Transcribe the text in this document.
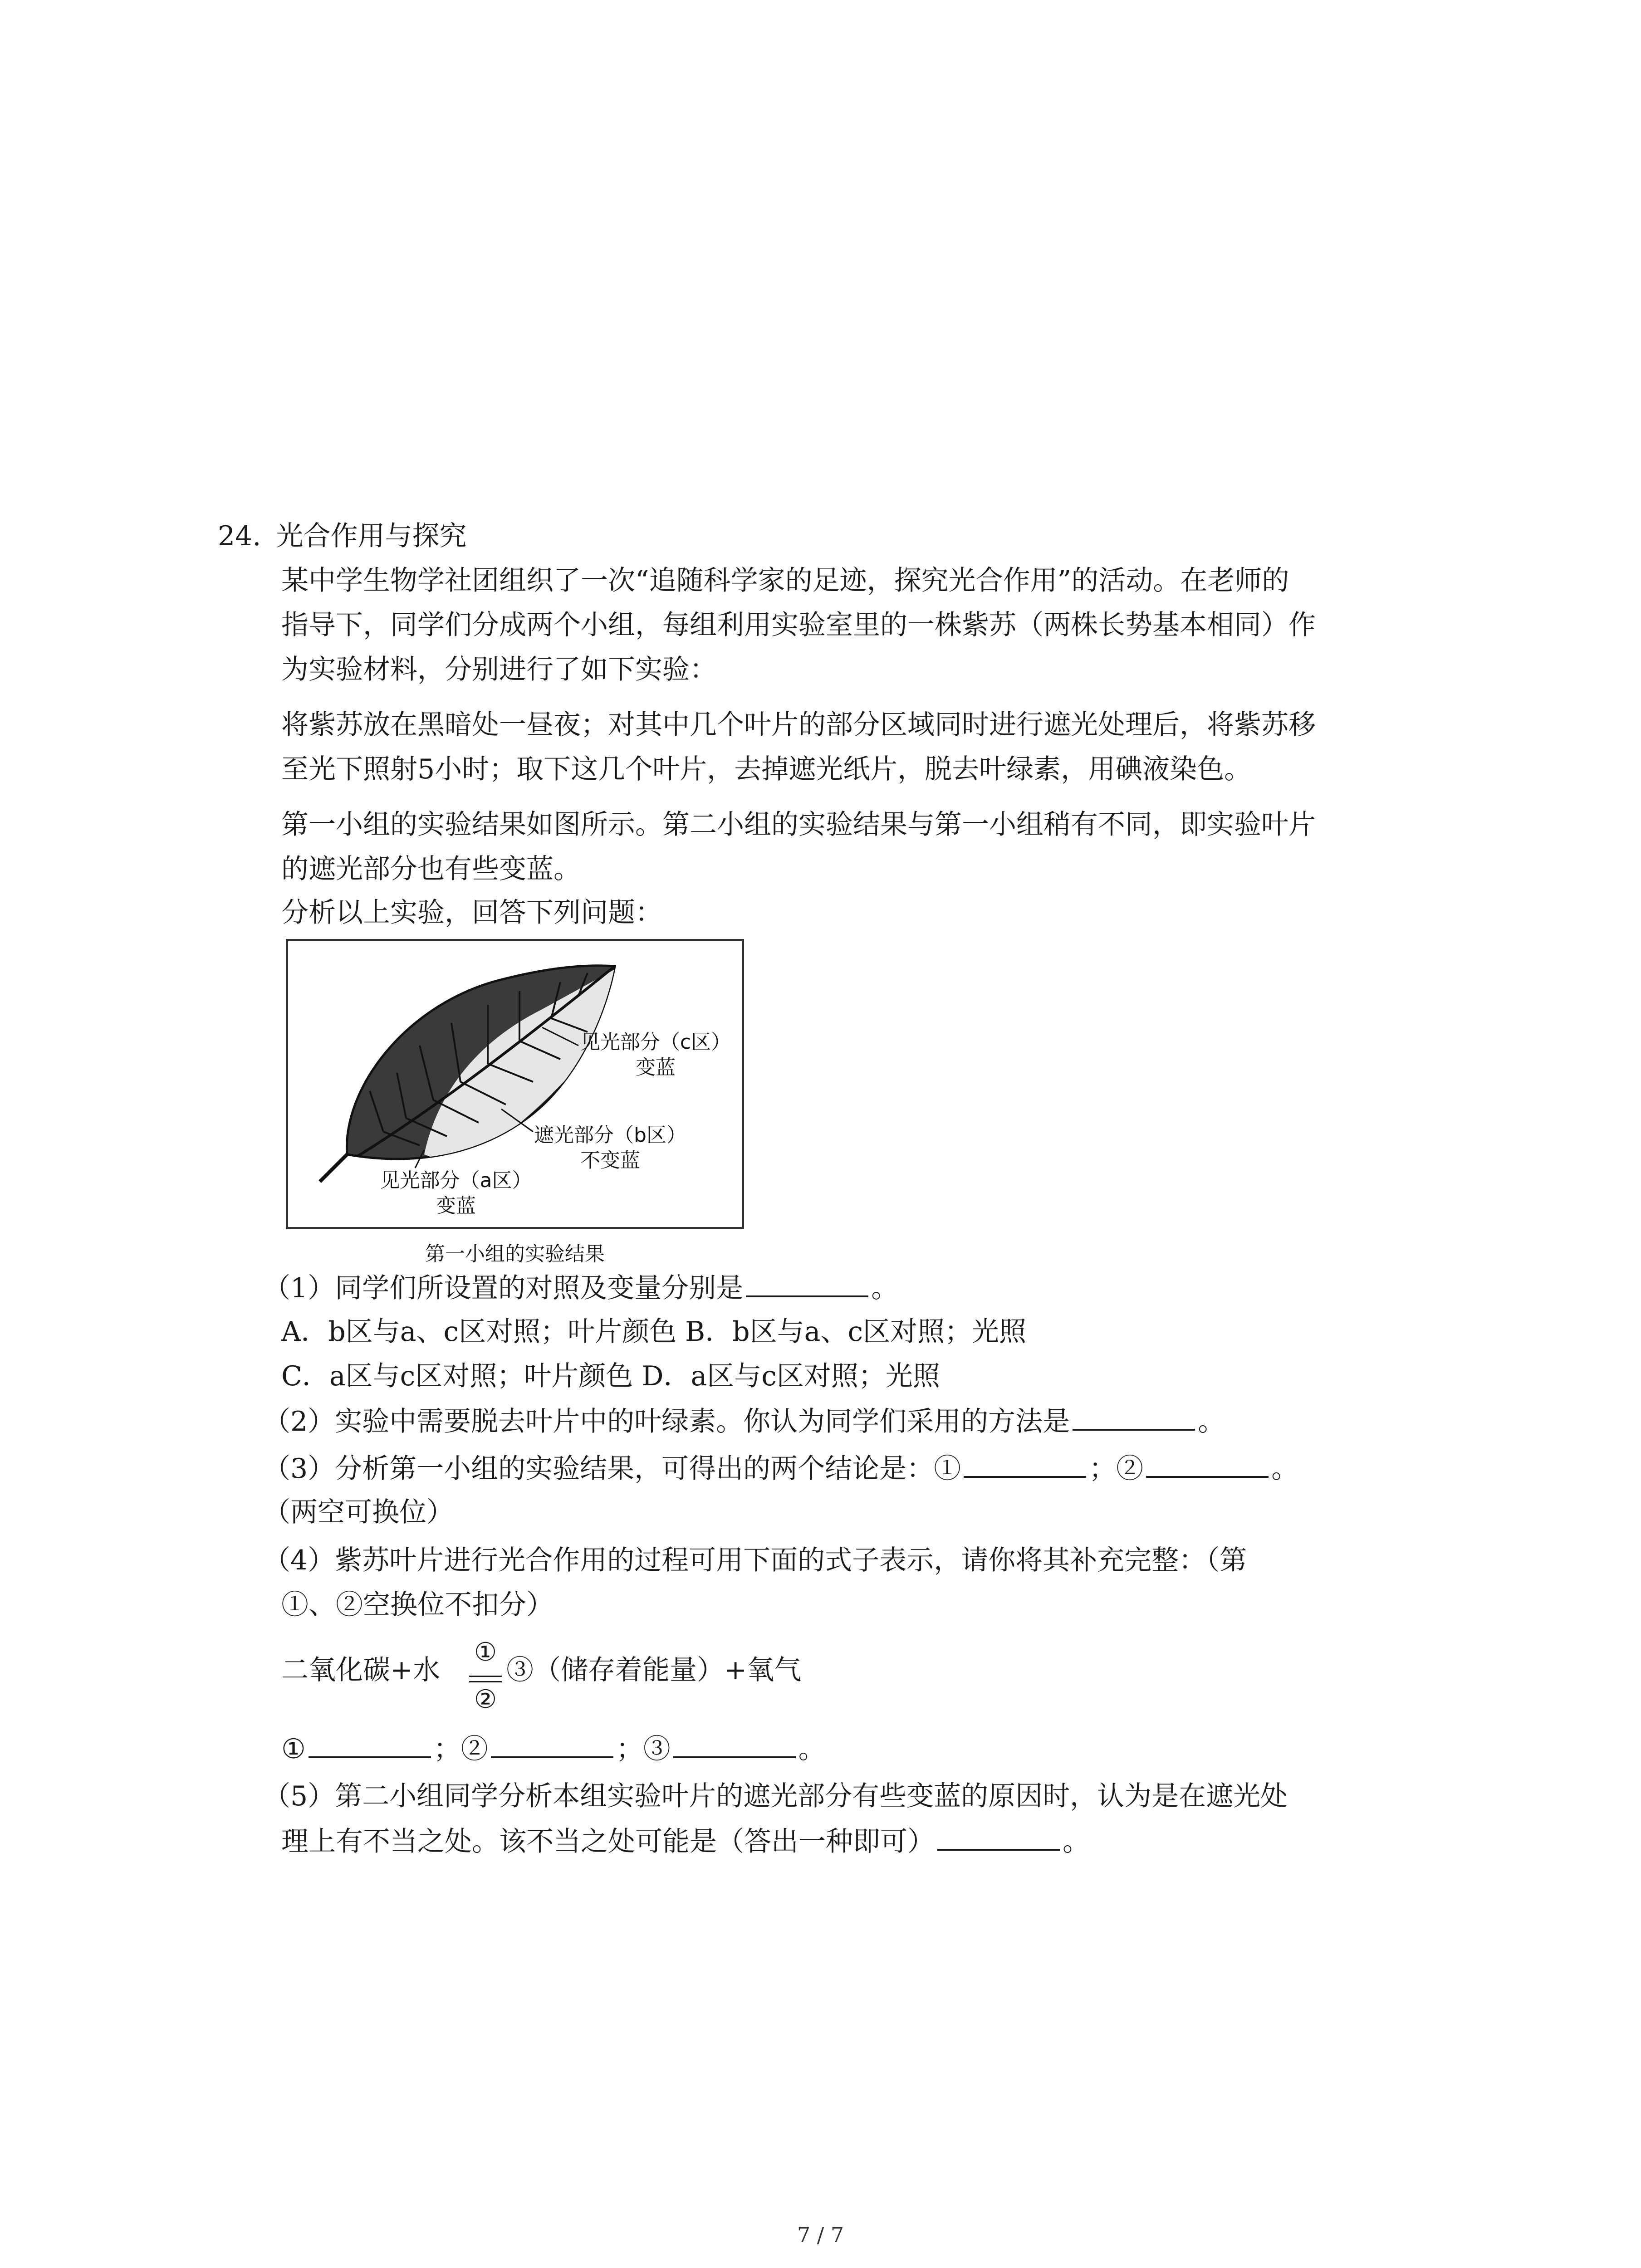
24. 光合作用与探究
某中学生物学社团组织了一次“追随科学家的足迹，探究光合作用”的活动。在老师的
指导下，同学们分成两个小组，每组利用实验室里的一株紫苏（两株长势基本相同）作
为实验材料，分别进行了如下实验：
将紫苏放在黑暗处一昼夜；对其中几个叶片的部分区域同时进行遮光处理后，将紫苏移
至光下照射5小时；取下这几个叶片，去掉遮光纸片，脱去叶绿素，用碘液染色。
第一小组的实验结果如图所示。第二小组的实验结果与第一小组稍有不同，即实验叶片
的遮光部分也有些变蓝。
分析以上实验，回答下列问题：
见光部分（c区）
变蓝
遮光部分（b区）
不变蓝
见光部分（a区）
变蓝
第一小组的实验结果
（1）同学们所设置的对照及变量分别是	。
A．b区与a、c区对照；叶片颜色 B．b区与a、c区对照；光照
C．a区与c区对照；叶片颜色 D．a区与c区对照；光照
（2）实验中需要脱去叶片中的叶绿素。你认为同学们采用的方法是	。
（3）分析第一小组的实验结果，可得出的两个结论是：①	；②	。
（两空可换位）
（4）紫苏叶片进行光合作用的过程可用下面的式子表示，请你将其补充完整：（第
①、②空换位不扣分）
二氧化碳+水
①
②
③（储存着能量）+氧气
①	；②	；③	。
（5）第二小组同学分析本组实验叶片的遮光部分有些变蓝的原因时，认为是在遮光处
理上有不当之处。该不当之处可能是（答出一种即可）	。
7 / 7
